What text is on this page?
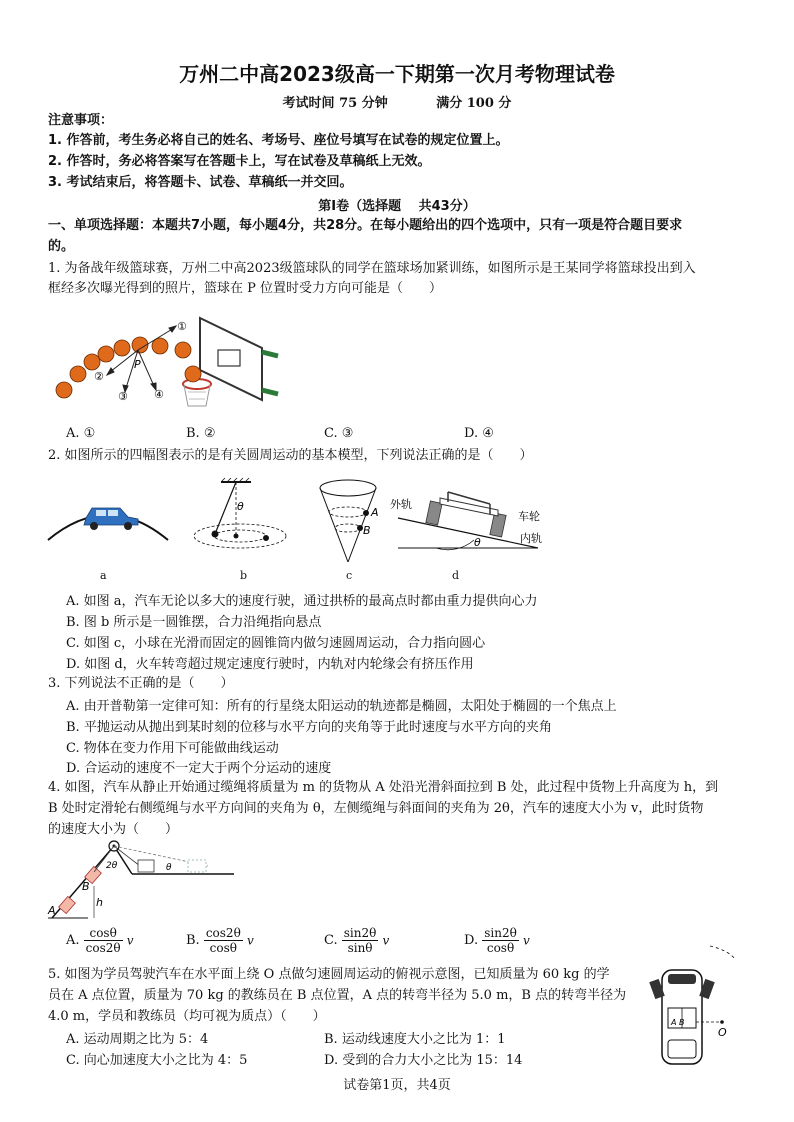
万州二中高2023级高一下期第一次月考物理试卷
考试时间 75 分钟	满分 100 分
注意事项：
1. 作答前，考生务必将自己的姓名、考场号、座位号填写在试卷的规定位置上。
2. 作答时，务必将答案写在答题卡上，写在试卷及草稿纸上无效。
3. 考试结束后，将答题卡、试卷、草稿纸一并交回。
第Ⅰ卷（选择题　 共43分）
一、单项选择题：本题共7小题，每小题4分，共28分。在每小题给出的四个选项中，只有一项是符合题目要求
的。
1. 为备战年级篮球赛，万州二中高2023级篮球队的同学在篮球场加紧训练，如图所示是王某同学将篮球投出到入
框经多次曝光得到的照片，篮球在 P 位置时受力方向可能是（　　）
①
②
③ ④
P
A. ①	B. ②	C. ③	D. ④
2. 如图所示的四幅图表示的是有关圆周运动的基本模型，下列说法正确的是（　　）
θ	A
B
外轨
车轮
内轨
θ
a	b	c	d
A. 如图 a，汽车无论以多大的速度行驶，通过拱桥的最高点时都由重力提供向心力
B. 图 b 所示是一圆锥摆，合力沿绳指向悬点
C. 如图 c，小球在光滑而固定的圆锥筒内做匀速圆周运动，合力指向圆心
D. 如图 d，火车转弯超过规定速度行驶时，内轨对内轮缘会有挤压作用
3. 下列说法不正确的是（　　）
A. 由开普勒第一定律可知：所有的行星绕太阳运动的轨迹都是椭圆，太阳处于椭圆的一个焦点上
B. 平抛运动从抛出到某时刻的位移与水平方向的夹角等于此时速度与水平方向的夹角
C. 物体在变力作用下可能做曲线运动
D. 合运动的速度不一定大于两个分运动的速度
4. 如图，汽车从静止开始通过缆绳将质量为 m 的货物从 A 处沿光滑斜面拉到 B 处，此过程中货物上升高度为 h，到
B 处时定滑轮右侧缆绳与水平方向间的夹角为 θ，左侧缆绳与斜面间的夹角为 2θ，汽车的速度大小为 v，此时货物
的速度大小为（　　）
A
B
h
2θ	θ
A. $\frac{\cos\theta}{\cos 2\theta}$ v	B. $\frac{\cos 2\theta}{\cos\theta}$ v	C. $\frac{\sin 2\theta}{\sin\theta}$ v	D. $\frac{\sin 2\theta}{\cos\theta}$ v
5. 如图为学员驾驶汽车在水平面上绕 O 点做匀速圆周运动的俯视示意图，已知质量为 60 kg 的学
员在 A 点位置，质量为 70 kg 的教练员在 B 点位置，A 点的转弯半径为 5.0 m，B 点的转弯半径为
4.0 m，学员和教练员（均可视为质点）（　　）	A B
O
A. 运动周期之比为 5：4	B. 运动线速度大小之比为 1：1
C. 向心加速度大小之比为 4：5	D. 受到的合力大小之比为 15：14
试卷第1页，共4页
